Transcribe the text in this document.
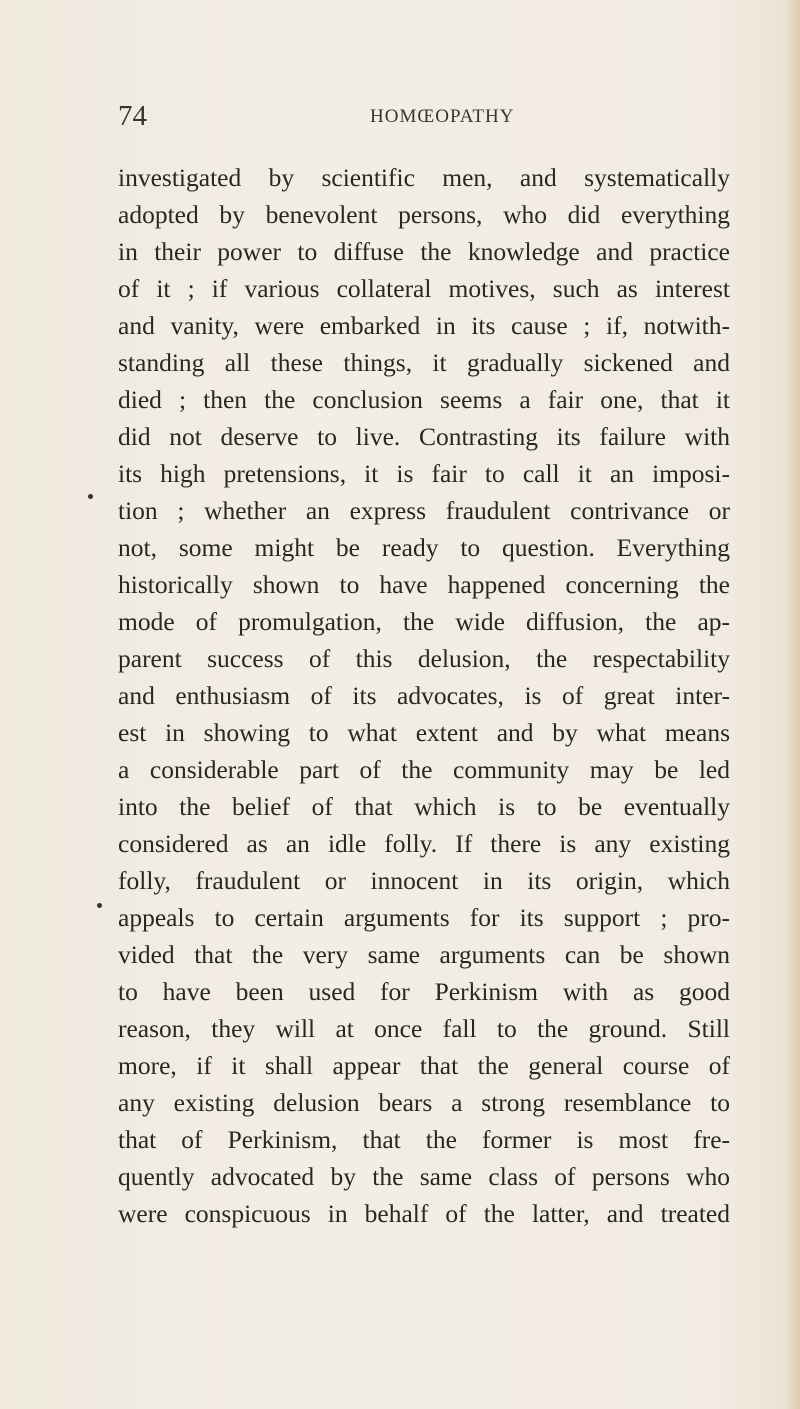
74	HOMŒOPATHY
investigated by scientific men, and systematically
adopted by benevolent persons, who did everything
in their power to diffuse the knowledge and practice
of it ; if various collateral motives, such as interest
and vanity, were embarked in its cause ; if, notwith-
standing all these things, it gradually sickened and
died ; then the conclusion seems a fair one, that it
did not deserve to live. Contrasting its failure with
its high pretensions, it is fair to call it an imposi-
tion ; whether an express fraudulent contrivance or
not, some might be ready to question. Everything
historically shown to have happened concerning the
mode of promulgation, the wide diffusion, the ap-
parent success of this delusion, the respectability
and enthusiasm of its advocates, is of great inter-
est in showing to what extent and by what means
a considerable part of the community may be led
into the belief of that which is to be eventually
considered as an idle folly. If there is any existing
folly, fraudulent or innocent in its origin, which
appeals to certain arguments for its support ; pro-
vided that the very same arguments can be shown
to have been used for Perkinism with as good
reason, they will at once fall to the ground. Still
more, if it shall appear that the general course of
any existing delusion bears a strong resemblance to
that of Perkinism, that the former is most fre-
quently advocated by the same class of persons who
were conspicuous in behalf of the latter, and treated
